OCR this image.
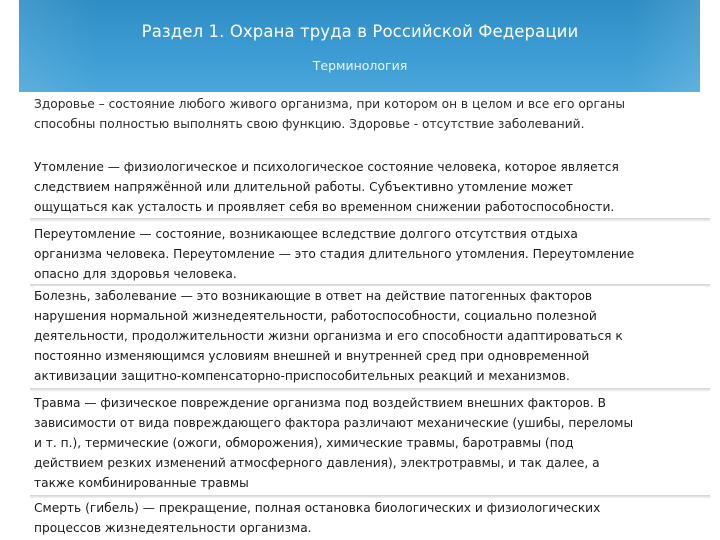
Раздел 1. Охрана труда в Российской Федерации
Терминология

Здоровье – состояние любого живого организма, при котором он в целом и все его органы

способны полностью выполнять свою функцию. Здоровье - отсутствие заболеваний.

Утомление — физиологическое и психологическое состояние человека, которое является

следствием напряжённой или длительной работы. Субъективно утомление может

ощущаться как усталость и проявляет себя во временном снижении работоспособности.

Переутомление — состояние, возникающее вследствие долгого отсутствия отдыха

организма человека. Переутомление — это стадия длительного утомления. Переутомление

опасно для здоровья человека.

Болезнь, заболевание — это возникающие в ответ на действие патогенных факторов

нарушения нормальной жизнедеятельности, работоспособности, социально полезной

деятельности, продолжительности жизни организма и его способности адаптироваться к

постоянно изменяющимся условиям внешней и внутренней сред при одновременной

активизации защитно-компенсаторно-приспособительных реакций и механизмов.

Травма — физическое повреждение организма под воздействием внешних факторов. В

зависимости от вида повреждающего фактора различают механические (ушибы, переломы

и т. п.), термические (ожоги, обморожения), химические травмы, баротравмы (под

действием резких изменений атмосферного давления), электротравмы, и так далее, а

также комбинированные травмы

Смерть (гибель) — прекращение, полная остановка биологических и физиологических

процессов жизнедеятельности организма.
